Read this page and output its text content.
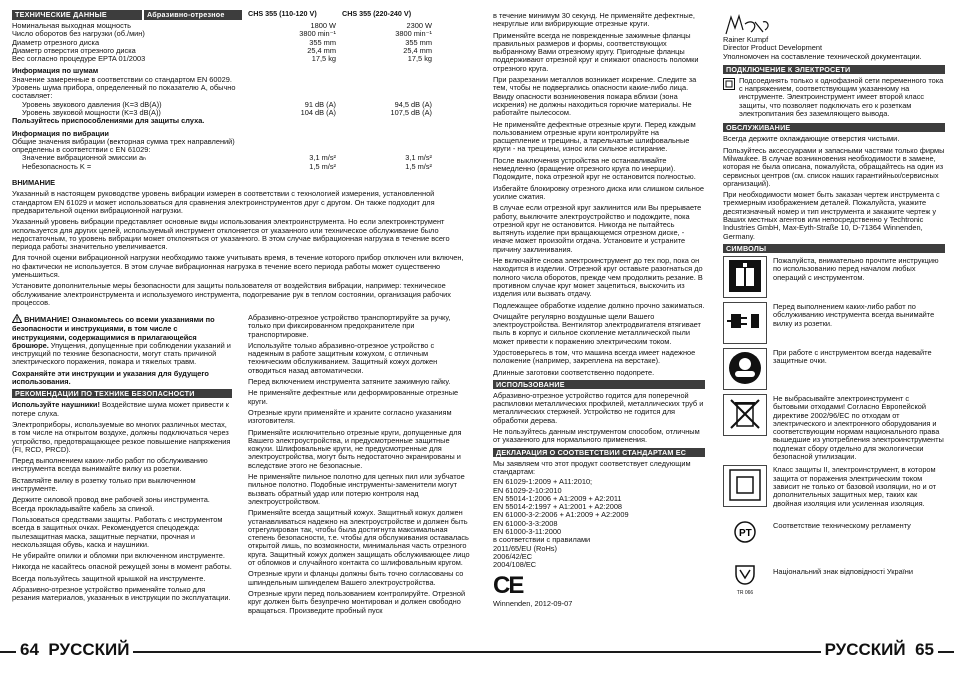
ТЕХНИЧЕСКИЕ ДАННЫЕ	Абразивно-отрезное	CHS 355 (110-120 V)	CHS 355 (220-240 V)
Номинальная выходная мощность	1800 W	2300 W
Число оборотов без нагрузки (об./мин)	3800 min⁻¹	3800 min⁻¹
Диаметр отрезного диска	355 mm	355 mm
Диаметр отверстия отрезного диска	25,4 mm	25,4 mm
Вес согласно процедуре EPTA 01/2003	17,5 kg	17,5 kg
Информация по шумам
Значение замеренные в соответствии со стандартом EN 60029. Уровень шума прибора, определенный по показателю А, обычно составляет:
Уровень звукового давления (K=3 dB(A))	91 dB (A)	94,5 dB (A)
Уровень звуковой мощности (K=3 dB(A))	104 dB (A)	107,5 dB (A)
Пользуйтесь приспособлениями для защиты слуха.
Информация по вибрации
Общие значения вибрации (векторная сумма трех направлений) определены в соответствии с EN 61029:
Значение вибрационной эмиссии aₕ	3,1 m/s²	3,1 m/s²
Небезопасность K =	1,5 m/s²	1,5 m/s²
ВНИМАНИЕ

Указанный в настоящем руководстве уровень вибрации измерен в соответствии с технологией измерения, установленной стандартом EN 61029 и может использоваться для сравнения электроинструментов друг с другом. Он также подходит для предварительной оценки вибрационной нагрузки.

Указанный уровень вибрации представляет основные виды использования электроинструмента. Но если электроинструмент используется для других целей, используемый инструмент отклоняется от указанного или техническое обслуживание было недостаточным, то уровень вибрации может отклоняться от указанного. В этом случае вибрационная нагрузка в течение всего периода работы значительно увеличивается.

Для точной оценки вибрационной нагрузки необходимо также учитывать время, в течение которого прибор отключен или включен, но фактически не используется. В этом случае вибрационная нагрузка в течение всего периода работы может существенно уменьшиться.

Установите дополнительные меры безопасности для защиты пользователя от воздействия вибрации, например: техническое обслуживание электроинструмента и используемого инструмента, подогревание рук в теплом состоянии, организация рабочих процессов.

ВНИМАНИЕ! Ознакомьтесь со всеми указаниями по безопасности и инструкциями, в том числе с инструкциями, содержащимися в прилагающейся брошюре. Упущения, допущенные при соблюдении указаний и инструкций по технике безопасности, могут стать причиной электрического поражения, пожара и тяжелых травм.

Сохраняйте эти инструкции и указания для будущего использования.

РЕКОМЕНДАЦИИ ПО ТЕХНИКЕ БЕЗОПАСНОСТИ

Используйте наушники! Воздействие шума может привести к потере слуха.

Электроприборы, используемые во многих различных местах, в том числе на открытом воздухе, должны подключаться через устройство, предотвращающее резкое повышение напряжения (FI, RCD, PRCD).

Перед выполнением каких-либо работ по обслуживанию инструмента всегда вынимайте вилку из розетки.

Вставляйте вилку в розетку только при выключенном инструменте.

Держите силовой провод вне рабочей зоны инструмента. Всегда прокладывайте кабель за спиной.

Пользоваться средствами защиты. Работать с инструментом всегда в защитных очках. Рекомендуется спецодежда: пылезащитная маска, защитные перчатки, прочная и нескользящая обувь, каска и наушники.

Не убирайте опилки и обломки при включенном инструменте.

Никогда не касайтесь опасной режущей зоны в момент работы.

Всегда пользуйтесь защитной крышкой на инструменте.

Абразивно-отрезное устройство применяйте только для резания материалов, указанных в инструкции по эксплуатации.

Абразивно-отрезное устройство транспортируйте за ручку, только при фиксированном предохранителе при транспортировке.

Используйте только абразивно-отрезное устройство с надежным в работе защитным кожухом, с отличным техническим обслуживанием. Защитный кожух должен отводиться назад автоматически.

Перед включением инструмента затяните зажимную гайку.

Не применяйте дефектные или деформированные отрезные круги.

Отрезные круги применяйте и храните согласно указаниям изготовителя.

Применяйте исключительно отрезные круги, допущенные для Вашего электроустройства, и предусмотренные защитные кожухи. Шлифовальные круги, не предусмотренные для электроустройства, могут быть недостаточно экранированы и вследствие этого не безопасные.

Не применяйте пильное полотно для цепных пил или зубчатое пильное полотно. Подобные инструменты-заменители могут вызвать обратный удар или потерю контроля над электроустройством.

Применяйте всегда защитный кожух. Защитный кожух должен устанавливаться надежно на электроустройстве и должен быть отрегулирован так, чтобы была достигнута максимальная степень безопасности, т.е. чтобы для обслуживания оставалась открытой лишь, по возможности, минимальная часть отрезного круга. Защитный кожух должен защищать обслуживающее лицо от обломков и случайного контакта со шлифовальным кругом.

Отрезные круги и фланцы должны быть точно согласованы со шпиндельным шпинделем Вашего электроустройства.

Отрезные круги перед пользованием контролируйте. Отрезной круг должен быть безупречно монтирован и должен свободно вращаться. Произведите пробный пуск

64 РУССКИЙ

в течение минимум 30 секунд. Не применяйте дефектные, некруглые или вибрирующие отрезные круги.

Применяйте всегда не поврежденные зажимные фланцы правильных размеров и формы, соответствующих выбранному Вами отрезному кругу. Пригодные фланцы поддерживают отрезной круг и снижают опасность поломки отрезного круга.

При разрезании металлов возникает искрение. Следите за тем, чтобы не подвергались опасности какие-либо лица. Ввиду опасности возникновения пожара вблизи (зона искрения) не должны находиться горючие материалы. Не работайте пылесосом.

Не применяйте дефектные отрезные круги. Перед каждым пользованием отрезные круги контролируйте на расщепление и трещины, а тарельчатые шлифовальные круги - на трещины, износ или сильное истирание.

После выключения устройства не останавливайте немедленно (вращение отрезного круга по инерции). Подождите, пока отрезной круг не остановится полностью.

Избегайте блокировку отрезного диска или слишком сильное усилие сжатия.

В случае если отрезной круг заклинится или Вы прерываете работу, выключите электроустройство и подождите, пока отрезной круг не остановится. Никогда не пытайтесь вытянуть изделие при вращающемся отрезном диске, - иначе может произойти отдача. Установите и устраните причину заклинивания.

Не включайте снова электроинструмент до тех пор, пока он находится в изделии. Отрезной круг оставьте разогнаться до полного числа оборотов, прежде чем продолжить резание. В противном случае круг может зацепиться, выскочить из изделия или вызвать отдачу.

Подлежащее обработке изделие должно прочно зажиматься.

Очищайте регулярно воздушные щели Вашего электроустройства. Вентилятор электродвигателя втягивает пыль в корпус и сильное скопление металлической пыли может привести к поражению электрическим током.

Удостоверьтесь в том, что машина всегда имеет надежное положение (например, закреплена на верстаке).

Длинные заготовки соответственно подопрете.

ИСПОЛЬЗОВАНИЕ

Абразивно-отрезное устройство годится для поперечной распиловки металлических профилей, металлических труб и металлических стержней. Устройство не годится для обработки дерева.

Не пользуйтесь данным инструментом способом, отличным от указанного для нормального применения.

ДЕКЛАРАЦИЯ О СООТВЕТСТВИИ СТАНДАРТАМ ЕС

Мы заявляем что этот продукт соответствует следующим стандартам:

EN 61029-1:2009 + A11:2010;
EN 61029-2-10:2010
EN 55014-1:2006 + A1:2009 + A2:2011
EN 55014-2:1997 + A1:2001 + A2:2008
EN 61000-3-2:2006 + A1:2009 + A2:2009
EN 61000-3-3:2008
EN 61000-3-11:2000
в соответствии с правилами
2011/65/EU (RoHs)
2006/42/EC
2004/108/EC
CE
Winnenden, 2012-09-07
Rainer Kumpf
Director Product Development

Уполномочен на составление технической документации.

ПОДКЛЮЧЕНИЕ К ЭЛЕКТРОСЕТИ

Подсоединять только к однофазной сети переменного тока с напряжением, соответствующим указанному на инструменте. Электроинструмент имеет второй класс защиты, что позволяет подключать его к розеткам электропитания без заземляющего вывода.

ОБСЛУЖИВАНИЕ

Всегда держите охлаждающие отверстия чистыми.

Пользуйтесь аксессуарами и запасными частями только фирмы Milwaukee. В случае возникновения необходимости в замене, которая не была описана, пожалуйста, обращайтесь на один из сервисных центров (см. список наших гарантийных/сервисных организаций).

При необходимости может быть заказан чертеж инструмента с трехмерным изображением деталей. Пожалуйста, укажите десятизначный номер и тип инструмента и закажите чертеж у Ваших местных агентов или непосредственно у Techtronic Industries GmbH, Max-Eyth-Straße 10, D-71364 Winnenden, Germany.

СИМВОЛЫ
Пожалуйста, внимательно прочтите инструкцию по использованию перед началом любых операций с инструментом.
Перед выполнением каких-либо работ по обслуживанию инструмента всегда вынимайте вилку из розетки.
При работе с инструментом всегда надевайте защитные очки.
Не выбрасывайте электроинструмент с бытовыми отходами! Согласно Европейской директиве 2002/96/ЕС по отходам от электрического и электронного оборудования и соответствующим нормам национального права вышедшие из употребления электроинструменты подлежат сбору отдельно для экологически безопасной утилизации.
Класс защиты II, электроинструмент, в котором защита от поражения электрическим током зависит не только от базовой изоляции, но и от дополнительных защитных мер, таких как двойная изоляция или усиленная изоляция.
PT
Соответствие техническому регламенту
TR 066
Національний знак відповідності України
РУССКИЙ 65
